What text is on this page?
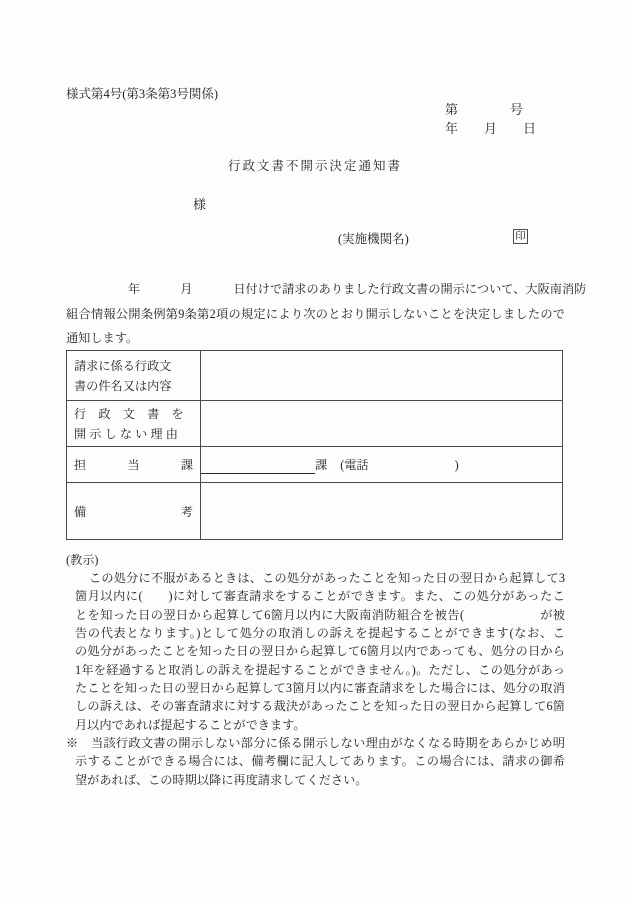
様式第4号(第3条第3号関係)
第　　　　号
年　　月　　日
行政文書不開示決定通知書
様
(実施機関名)	印
年	月	日付けで請求のありました行政文書の開示について、大阪南消防
組合情報公開条例第9条第2項の規定により次のとおり開示しないことを決定しましたので
通知します。
請求に係る行政文
書の件名又は内容	

行　政　文　書　を
開示しない理由	

担 当 課	課 (電話 )

備 考	

(教示)
この処分に不服があるときは、この処分があったことを知った日の翌日から起算して3
箇月以内に(　　)に対して審査請求をすることができます。また、この処分があったこ
とを知った日の翌日から起算して6箇月以内に大阪南消防組合を被告(　　　　　　が被
告の代表となります。)として処分の取消しの訴えを提起することができます(なお、こ
の処分があったことを知った日の翌日から起算して6箇月以内であっても、処分の日から
1年を経過すると取消しの訴えを提起することができません。)。ただし、この処分があっ
たことを知った日の翌日から起算して3箇月以内に審査請求をした場合には、処分の取消
しの訴えは、その審査請求に対する裁決があったことを知った日の翌日から起算して6箇
月以内であれば提起することができます。
※　当該行政文書の開示しない部分に係る開示しない理由がなくなる時期をあらかじめ明
示することができる場合には、備考欄に記入してあります。この場合には、請求の御希
望があれば、この時期以降に再度請求してください。
